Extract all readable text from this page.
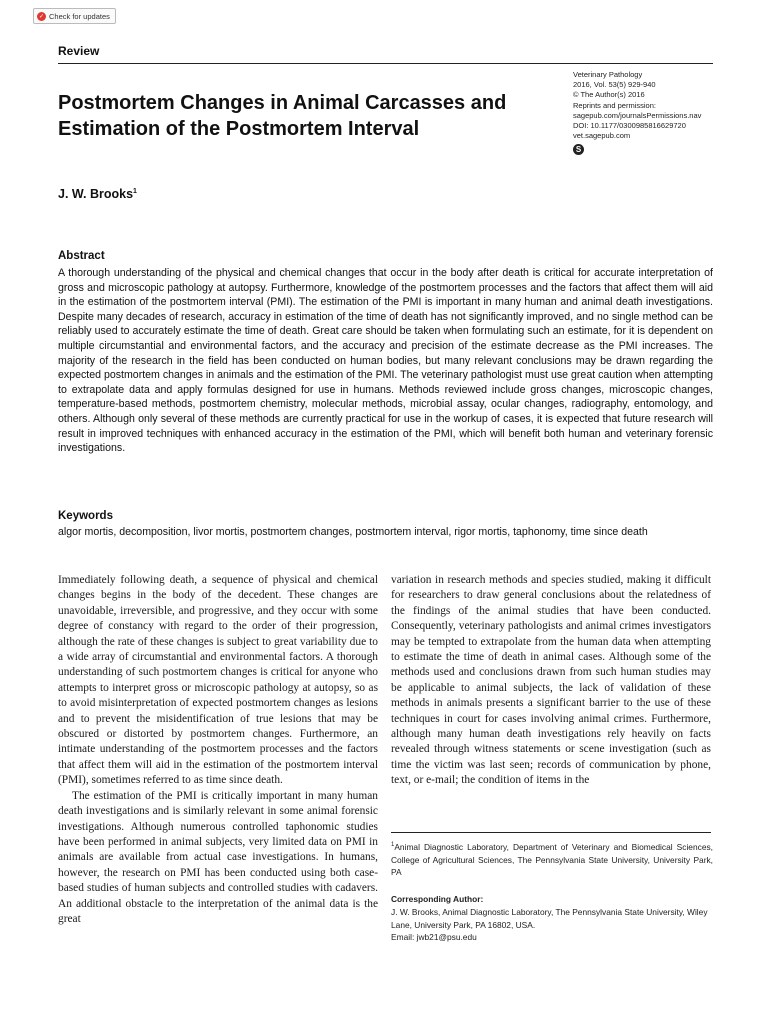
✓ Check for updates
Review
Postmortem Changes in Animal Carcasses and Estimation of the Postmortem Interval
Veterinary Pathology
2016, Vol. 53(5) 929-940
© The Author(s) 2016
Reprints and permission:
sagepub.com/journalsPermissions.nav
DOI: 10.1177/0300985816629720
vet.sagepub.com
S
J. W. Brooks$^1$
Abstract
A thorough understanding of the physical and chemical changes that occur in the body after death is critical for accurate interpretation of gross and microscopic pathology at autopsy. Furthermore, knowledge of the postmortem processes and the factors that affect them will aid in the estimation of the postmortem interval (PMI). The estimation of the PMI is important in many human and animal death investigations. Despite many decades of research, accuracy in estimation of the time of death has not significantly improved, and no single method can be reliably used to accurately estimate the time of death. Great care should be taken when formulating such an estimate, for it is dependent on multiple circumstantial and environmental factors, and the accuracy and precision of the estimate decrease as the PMI increases. The majority of the research in the field has been conducted on human bodies, but many relevant conclusions may be drawn regarding the expected postmortem changes in animals and the estimation of the PMI. The veterinary pathologist must use great caution when attempting to extrapolate data and apply formulas designed for use in humans. Methods reviewed include gross changes, microscopic changes, temperature-based methods, postmortem chemistry, molecular methods, microbial assay, ocular changes, radiography, entomology, and others. Although only several of these methods are currently practical for use in the workup of cases, it is expected that future research will result in improved techniques with enhanced accuracy in the estimation of the PMI, which will benefit both human and veterinary forensic investigations.
Keywords
algor mortis, decomposition, livor mortis, postmortem changes, postmortem interval, rigor mortis, taphonomy, time since death

Immediately following death, a sequence of physical and chemical changes begins in the body of the decedent. These changes are unavoidable, irreversible, and progressive, and they occur with some degree of constancy with regard to the order of their progression, although the rate of these changes is subject to great variability due to a wide array of circumstantial and environmental factors. A thorough understanding of such postmortem changes is critical for anyone who attempts to interpret gross or microscopic pathology at autopsy, so as to avoid misinterpretation of expected postmortem changes as lesions and to prevent the misidentification of true lesions that may be obscured or distorted by postmortem changes. Furthermore, an intimate understanding of the postmortem processes and the factors that affect them will aid in the estimation of the postmortem interval (PMI), sometimes referred to as time since death.

The estimation of the PMI is critically important in many human death investigations and is similarly relevant in some animal forensic investigations. Although numerous controlled taphonomic studies have been performed in animal subjects, very limited data on PMI in animals are available from actual case investigations. In humans, however, the research on PMI has been conducted using both case-based studies of human subjects and controlled studies with cadavers. An additional obstacle to the interpretation of the animal data is the great

variation in research methods and species studied, making it difficult for researchers to draw general conclusions about the relatedness of the findings of the animal studies that have been conducted. Consequently, veterinary pathologists and animal crimes investigators may be tempted to extrapolate from the human data when attempting to estimate the time of death in animal cases. Although some of the methods used and conclusions drawn from such human studies may be applicable to animal subjects, the lack of validation of these methods in animals presents a significant barrier to the use of these techniques in court for cases involving animal crimes. Furthermore, although many human death investigations rely heavily on facts revealed through witness statements or scene investigation (such as time the victim was last seen; records of communication by phone, text, or e-mail; the condition of items in the

$^1$Animal Diagnostic Laboratory, Department of Veterinary and Biomedical Sciences, College of Agricultural Sciences, The Pennsylvania State University, University Park, PA
Corresponding Author:
J. W. Brooks, Animal Diagnostic Laboratory, The Pennsylvania State University, Wiley Lane, University Park, PA 16802, USA.
Email: jwb21@psu.edu
